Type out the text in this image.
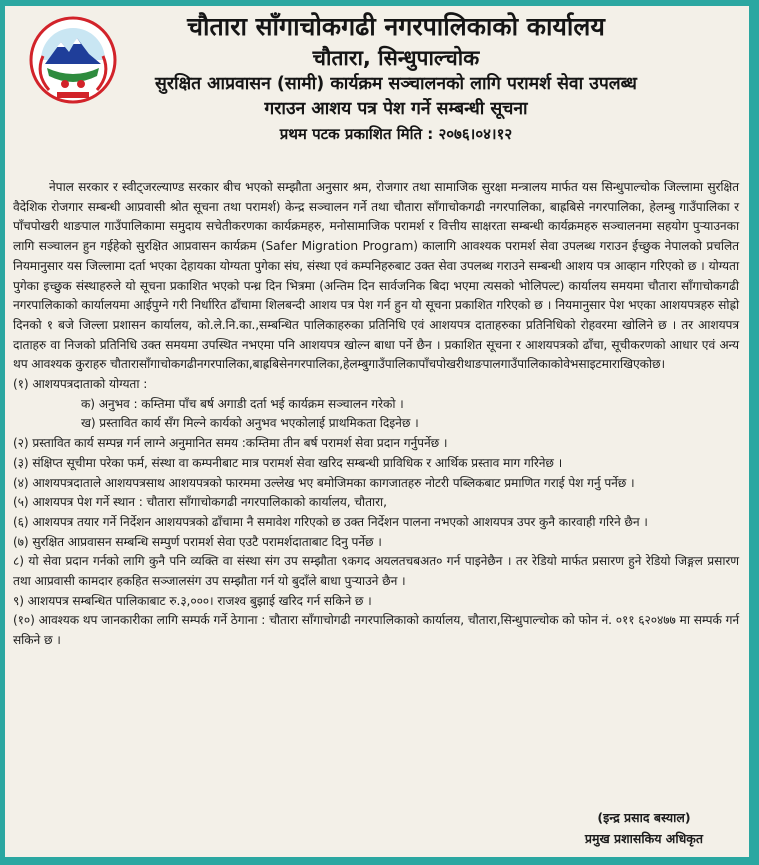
चौतारा साँगाचोकगढी नगरपालिकाको कार्यालय

चौतारा, सिन्धुपाल्चोक

सुरक्षित आप्रवासन (सामी) कार्यक्रम सञ्चालनको लागि परामर्श सेवा उपलब्ध

गराउन आशय पत्र पेश गर्ने सम्बन्धी सूचना

प्रथम पटक प्रकाशित मिति : २०७६।०४।१२

नेपाल सरकार र स्वीट्जरल्याण्ड सरकार बीच भएको सम्झौता अनुसार श्रम, रोजगार तथा सामाजिक सुरक्षा मन्त्रालय मार्फत यस सिन्धुपाल्चोक जिल्लामा सुरक्षित वैदेशिक रोजगार सम्बन्धी आप्रवासी श्रोत सूचना तथा परामर्श) केन्द्र सञ्चालन गर्ने तथा चौतारा साँगाचोकगढी नगरपालिका, बाह्रबिसे नगरपालिका, हेलम्बु गाउँपालिका र पाँचपोखरी थाङपाल गाउँपालिकामा समुदाय सचेतीकरणका कार्यक्रमहरु, मनोसामाजिक परामर्श र वित्तीय साक्षरता सम्बन्धी कार्यक्रमहरु सञ्चालनमा सहयोग पुऱ्याउनका लागि सञ्चालन हुन गईहेको सुरक्षित आप्रवासन कार्यक्रम (Safer Migration Program) कालागि आवश्यक परामर्श सेवा उपलब्ध गराउन ईच्छुक नेपालको प्रचलित नियमानुसार यस जिल्लामा दर्ता भएका देहायका योग्यता पुगेका संघ, संस्था एवं कम्पनिहरुबाट उक्त सेवा उपलब्ध गराउने सम्बन्धी आशय पत्र आव्हान गरिएको छ । योग्यता पुगेका इच्छुक संस्थाहरुले यो सूचना प्रकाशित भएको पन्ध्र दिन भित्रमा (अन्तिम दिन सार्वजनिक बिदा भएमा त्यसको भोलिपल्ट) कार्यालय समयमा चौतारा साँगाचोकगढी नगरपालिकाको कार्यालयमा आईपुग्ने गरी निर्धारित ढाँचामा शिलबन्दी आशय पत्र पेश गर्न हुन यो सूचना प्रकाशित गरिएको छ । नियमानुसार पेश भएका आशयपत्रहरु सोह्रो दिनको १ बजे जिल्ला प्रशासन कार्यालय, को.ले.नि.का.,सम्बन्धित पालिकाहरुका प्रतिनिधि एवं आशयपत्र दाताहरुका प्रतिनिधिको रोहवरमा खोलिने छ । तर आशयपत्र दाताहरु वा निजको प्रतिनिधि उक्त समयमा उपस्थित नभएमा पनि आशयपत्र खोल्न बाधा पर्ने छैन । प्रकाशित सूचना र आशयपत्रको ढाँचा, सूचीकरणको आधार एवं अन्य थप आवश्यक कुराहरु चौतारासाँगाचोकगढीनगरपालिका,बाह्रबिसेनगरपालिका,हेलम्बुगाउँपालिकापाँचपोखरीथाङपालगाउँपालिकाकोवेभसाइटमाराखिएकोछ।

(१) आशयपत्रदाताको योग्यता :

क) अनुभव : कम्तिमा पाँच बर्ष अगाडी दर्ता भई कार्यक्रम सञ्चालन गरेको ।

ख) प्रस्तावित कार्य सँग मिल्ने कार्यको अनुभव भएकोलाई प्राथमिकता दिइनेछ ।

(२) प्रस्तावित कार्य सम्पन्न गर्न लाग्ने अनुमानित समय :कम्तिमा तीन बर्ष परामर्श सेवा प्रदान गर्नुपर्नेछ ।

(३) संक्षिप्त सूचीमा परेका फर्म, संस्था वा कम्पनीबाट मात्र परामर्श सेवा खरिद सम्बन्धी प्राविधिक र आर्थिक प्रस्ताव माग गरिनेछ ।

(४) आशयपत्रदाताले आशयपत्रसाथ आशयपत्रको फारममा उल्लेख भए बमोजिमका कागजातहरु नोटरी पब्लिकबाट प्रमाणित गराई पेश गर्नु पर्नेछ ।

(५) आशयपत्र पेश गर्ने स्थान : चौतारा साँगाचोकगढी नगरपालिकाको कार्यालय, चौतारा,

(६) आशयपत्र तयार गर्ने निर्देशन आशयपत्रको ढाँचामा नै समावेश गरिएको छ उक्त निर्देशन पालना नभएको आशयपत्र उपर कुनै कारवाही गरिने छैन ।

(७) सुरक्षित आप्रवासन सम्बन्धि सम्पुर्ण परामर्श सेवा एउटै परामर्शदाताबाट दिनु पर्नेछ ।

८) यो सेवा प्रदान गर्नको लागि कुनै पनि व्यक्ति वा संस्था संग उप सम्झौता ९कगद अयलतचबअत० गर्न पाइनेछैन । तर रेडियो मार्फत प्रसारण हुने रेडियो जिङ्गल प्रसारण तथा आप्रवासी कामदार हकहित सञ्जालसंग उप सम्झौता गर्न यो बुदाँले बाधा पुऱ्याउने छैन ।

९) आशयपत्र सम्बन्धित पालिकाबाट रु.३,०००। राजश्व बुझाई खरिद गर्न सकिने छ ।

(१०) आवश्यक थप जानकारीका लागि सम्पर्क गर्ने ठेगाना : चौतारा साँगाचोगढी नगरपालिकाको कार्यालय, चौतारा,सिन्धुपाल्चोक को फोन नं. ०११ ६२०४७७ मा सम्पर्क गर्न सकिने छ ।

(इन्द्र प्रसाद बस्याल)
प्रमुख प्रशासकिय अधिकृत
